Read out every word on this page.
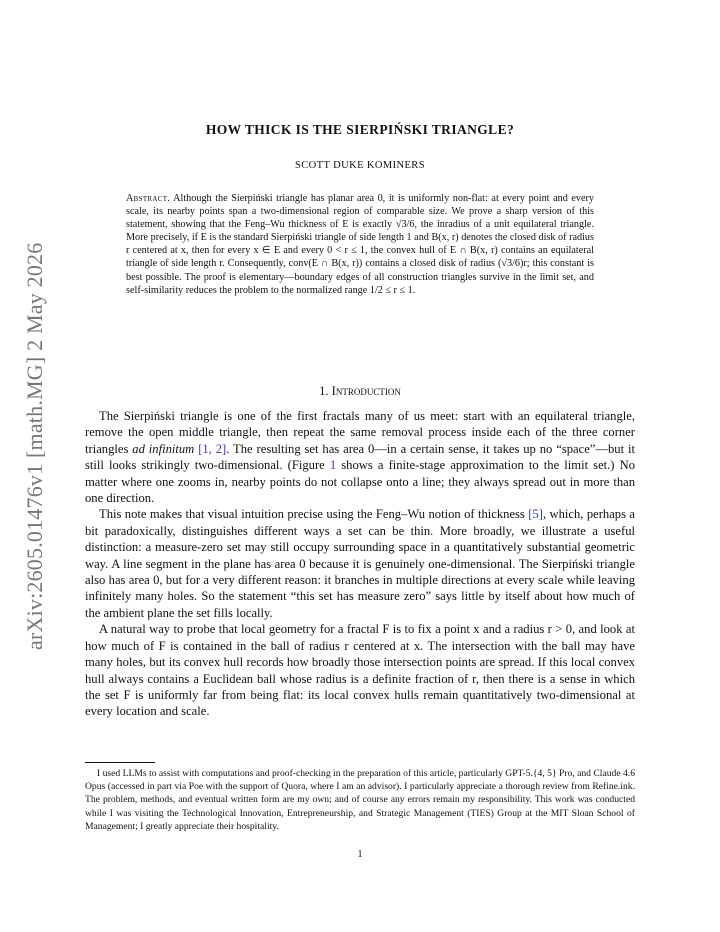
arXiv:2605.01476v1 [math.MG] 2 May 2026
HOW THICK IS THE SIERPIŃSKI TRIANGLE?
SCOTT DUKE KOMINERS
Abstract. Although the Sierpiński triangle has planar area 0, it is uniformly non-flat: at every point and every scale, its nearby points span a two-dimensional region of comparable size. We prove a sharp version of this statement, showing that the Feng–Wu thickness of E is exactly √3/6, the inradius of a unit equilateral triangle. More precisely, if E is the standard Sierpiński triangle of side length 1 and B(x, r) denotes the closed disk of radius r centered at x, then for every x ∈ E and every 0 < r ≤ 1, the convex hull of E ∩ B(x, r) contains an equilateral triangle of side length r. Consequently, conv(E ∩ B(x, r)) contains a closed disk of radius (√3/6)r; this constant is best possible. The proof is elementary—boundary edges of all construction triangles survive in the limit set, and self-similarity reduces the problem to the normalized range 1/2 ≤ r ≤ 1.
1. Introduction

The Sierpiński triangle is one of the first fractals many of us meet: start with an equilateral triangle, remove the open middle triangle, then repeat the same removal process inside each of the three corner triangles ad infinitum [1, 2]. The resulting set has area 0—in a certain sense, it takes up no “space”—but it still looks strikingly two-dimensional. (Figure 1 shows a finite-stage approximation to the limit set.) No matter where one zooms in, nearby points do not collapse onto a line; they always spread out in more than one direction.

This note makes that visual intuition precise using the Feng–Wu notion of thickness [5], which, perhaps a bit paradoxically, distinguishes different ways a set can be thin. More broadly, we illustrate a useful distinction: a measure-zero set may still occupy surrounding space in a quantitatively substantial geometric way. A line segment in the plane has area 0 because it is genuinely one-dimensional. The Sierpiński triangle also has area 0, but for a very different reason: it branches in multiple directions at every scale while leaving infinitely many holes. So the statement “this set has measure zero” says little by itself about how much of the ambient plane the set fills locally.

A natural way to probe that local geometry for a fractal F is to fix a point x and a radius r > 0, and look at how much of F is contained in the ball of radius r centered at x. The intersection with the ball may have many holes, but its convex hull records how broadly those intersection points are spread. If this local convex hull always contains a Euclidean ball whose radius is a definite fraction of r, then there is a sense in which the set F is uniformly far from being flat: its local convex hulls remain quantitatively two-dimensional at every location and scale.

I used LLMs to assist with computations and proof-checking in the preparation of this article, particularly GPT-5.{4, 5} Pro, and Claude 4.6 Opus (accessed in part via Poe with the support of Quora, where I am an advisor). I particularly appreciate a thorough review from Refine.ink. The problem, methods, and eventual written form are my own; and of course any errors remain my responsibility. This work was conducted while I was visiting the Technological Innovation, Entrepreneurship, and Strategic Management (TIES) Group at the MIT Sloan School of Management; I greatly appreciate their hospitality.

1
